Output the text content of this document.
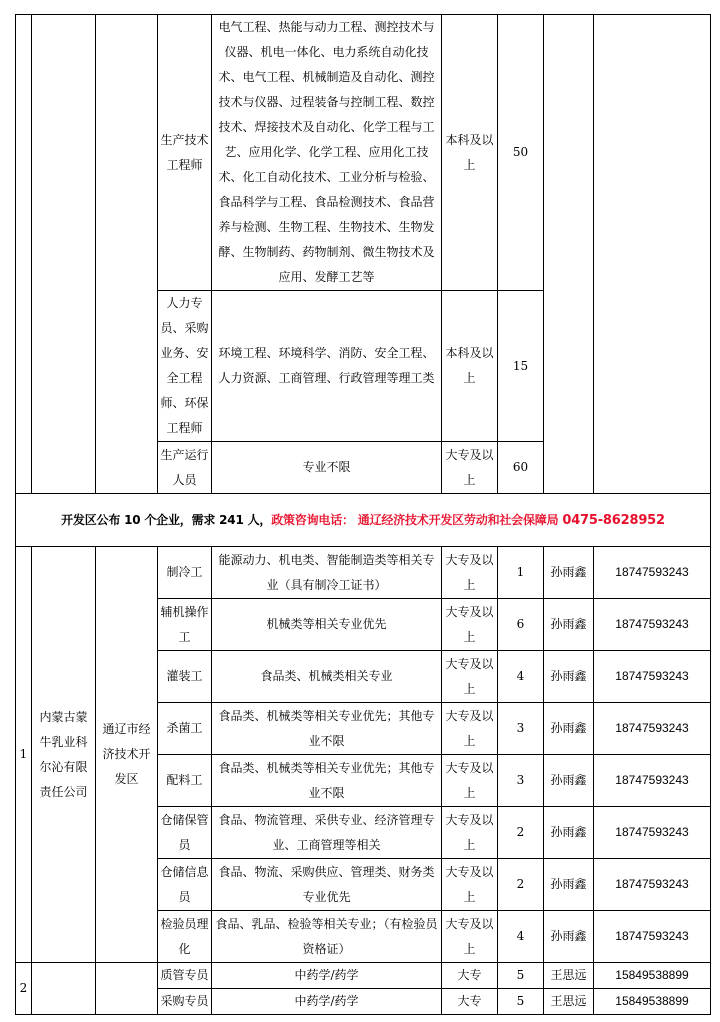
			生产技术工程师	电气工程、热能与动力工程、测控技术与仪器、机电一体化、电力系统自动化技术、电气工程、机械制造及自动化、测控技术与仪器、过程装备与控制工程、数控技术、焊接技术及自动化、化学工程与工艺、应用化学、化学工程、应用化工技术、化工自动化技术、工业分析与检验、食品科学与工程、食品检测技术、食品营养与检测、生物工程、生物技术、生物发酵、生物制药、药物制剂、微生物技术及应用、发酵工艺等	本科及以上	50		
			人力专员、采购业务、安全工程师、环保工程师	环境工程、环境科学、消防、安全工程、人力资源、工商管理、行政管理等理工类	本科及以上	15		
			生产运行人员	专业不限	大专及以上	60		
开发区公布 10 个企业，需求 241 人，政策咨询电话： 通辽经济技术开发区劳动和社会保障局 0475-8628952								
1	内蒙古蒙牛乳业科尔沁有限责任公司	通辽市经济技术开发区	制冷工	能源动力、机电类、智能制造类等相关专业（具有制冷工证书）	大专及以上	1	孙雨鑫	18747593243
			辅机操作工	机械类等相关专业优先	大专及以上	6	孙雨鑫	18747593243
			灌装工	食品类、机械类相关专业	大专及以上	4	孙雨鑫	18747593243
			杀菌工	食品类、机械类等相关专业优先；其他专业不限	大专及以上	3	孙雨鑫	18747593243
			配料工	食品类、机械类等相关专业优先；其他专业不限	大专及以上	3	孙雨鑫	18747593243
			仓储保管员	食品、物流管理、采供专业、经济管理专业、工商管理等相关	大专及以上	2	孙雨鑫	18747593243
			仓储信息员	食品、物流、采购供应、管理类、财务类专业优先	大专及以上	2	孙雨鑫	18747593243
			检验员理化	食品、乳品、检验等相关专业；（有检验员资格证）	大专及以上	4	孙雨鑫	18747593243
2			质管专员	中药学/药学	大专	5	王思远	15849538899
			采购专员	中药学/药学	大专	5	王思远	15849538899
